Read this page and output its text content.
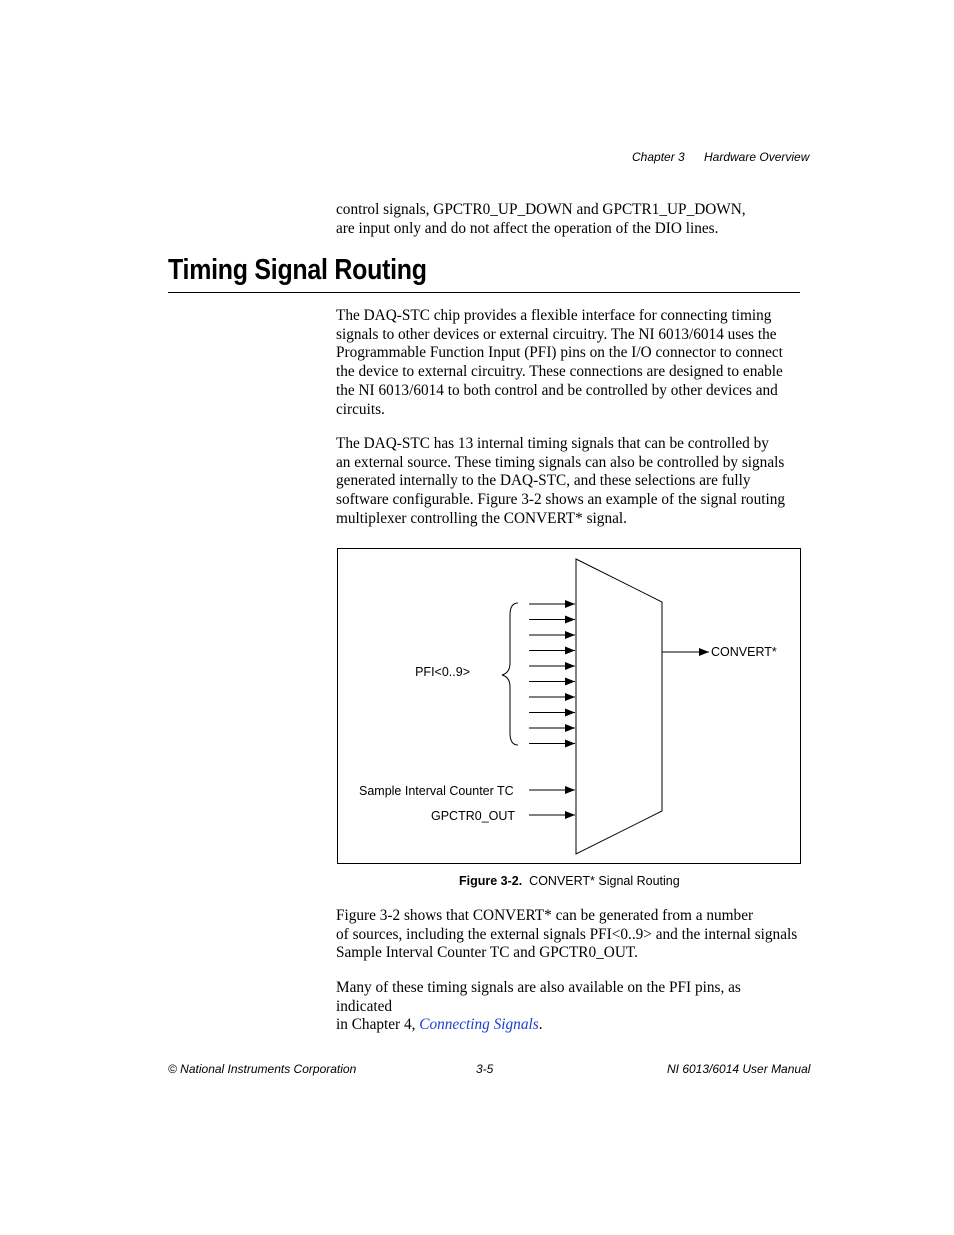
Chapter 3 Hardware Overview

control signals, GPCTR0_UP_DOWN and GPCTR1_UP_DOWN,

are input only and do not affect the operation of the DIO lines.

Timing Signal Routing

The DAQ-STC chip provides a flexible interface for connecting timing

signals to other devices or external circuitry. The NI 6013/6014 uses the

Programmable Function Input (PFI) pins on the I/O connector to connect

the device to external circuitry. These connections are designed to enable

the NI 6013/6014 to both control and be controlled by other devices and

circuits.

The DAQ-STC has 13 internal timing signals that can be controlled by

an external source. These timing signals can also be controlled by signals

generated internally to the DAQ-STC, and these selections are fully

software configurable. Figure 3-2 shows an example of the signal routing

multiplexer controlling the CONVERT* signal.

PFI<0..9>
Sample Interval Counter TC
GPCTR0_OUT
CONVERT*
Figure 3-2. CONVERT* Signal Routing

Figure 3-2 shows that CONVERT* can be generated from a number

of sources, including the external signals PFI<0..9> and the internal signals

Sample Interval Counter TC and GPCTR0_OUT.

Many of these timing signals are also available on the PFI pins, as indicated

in Chapter 4, Connecting Signals.

© National Instruments Corporation	3-5	NI 6013/6014 User Manual
